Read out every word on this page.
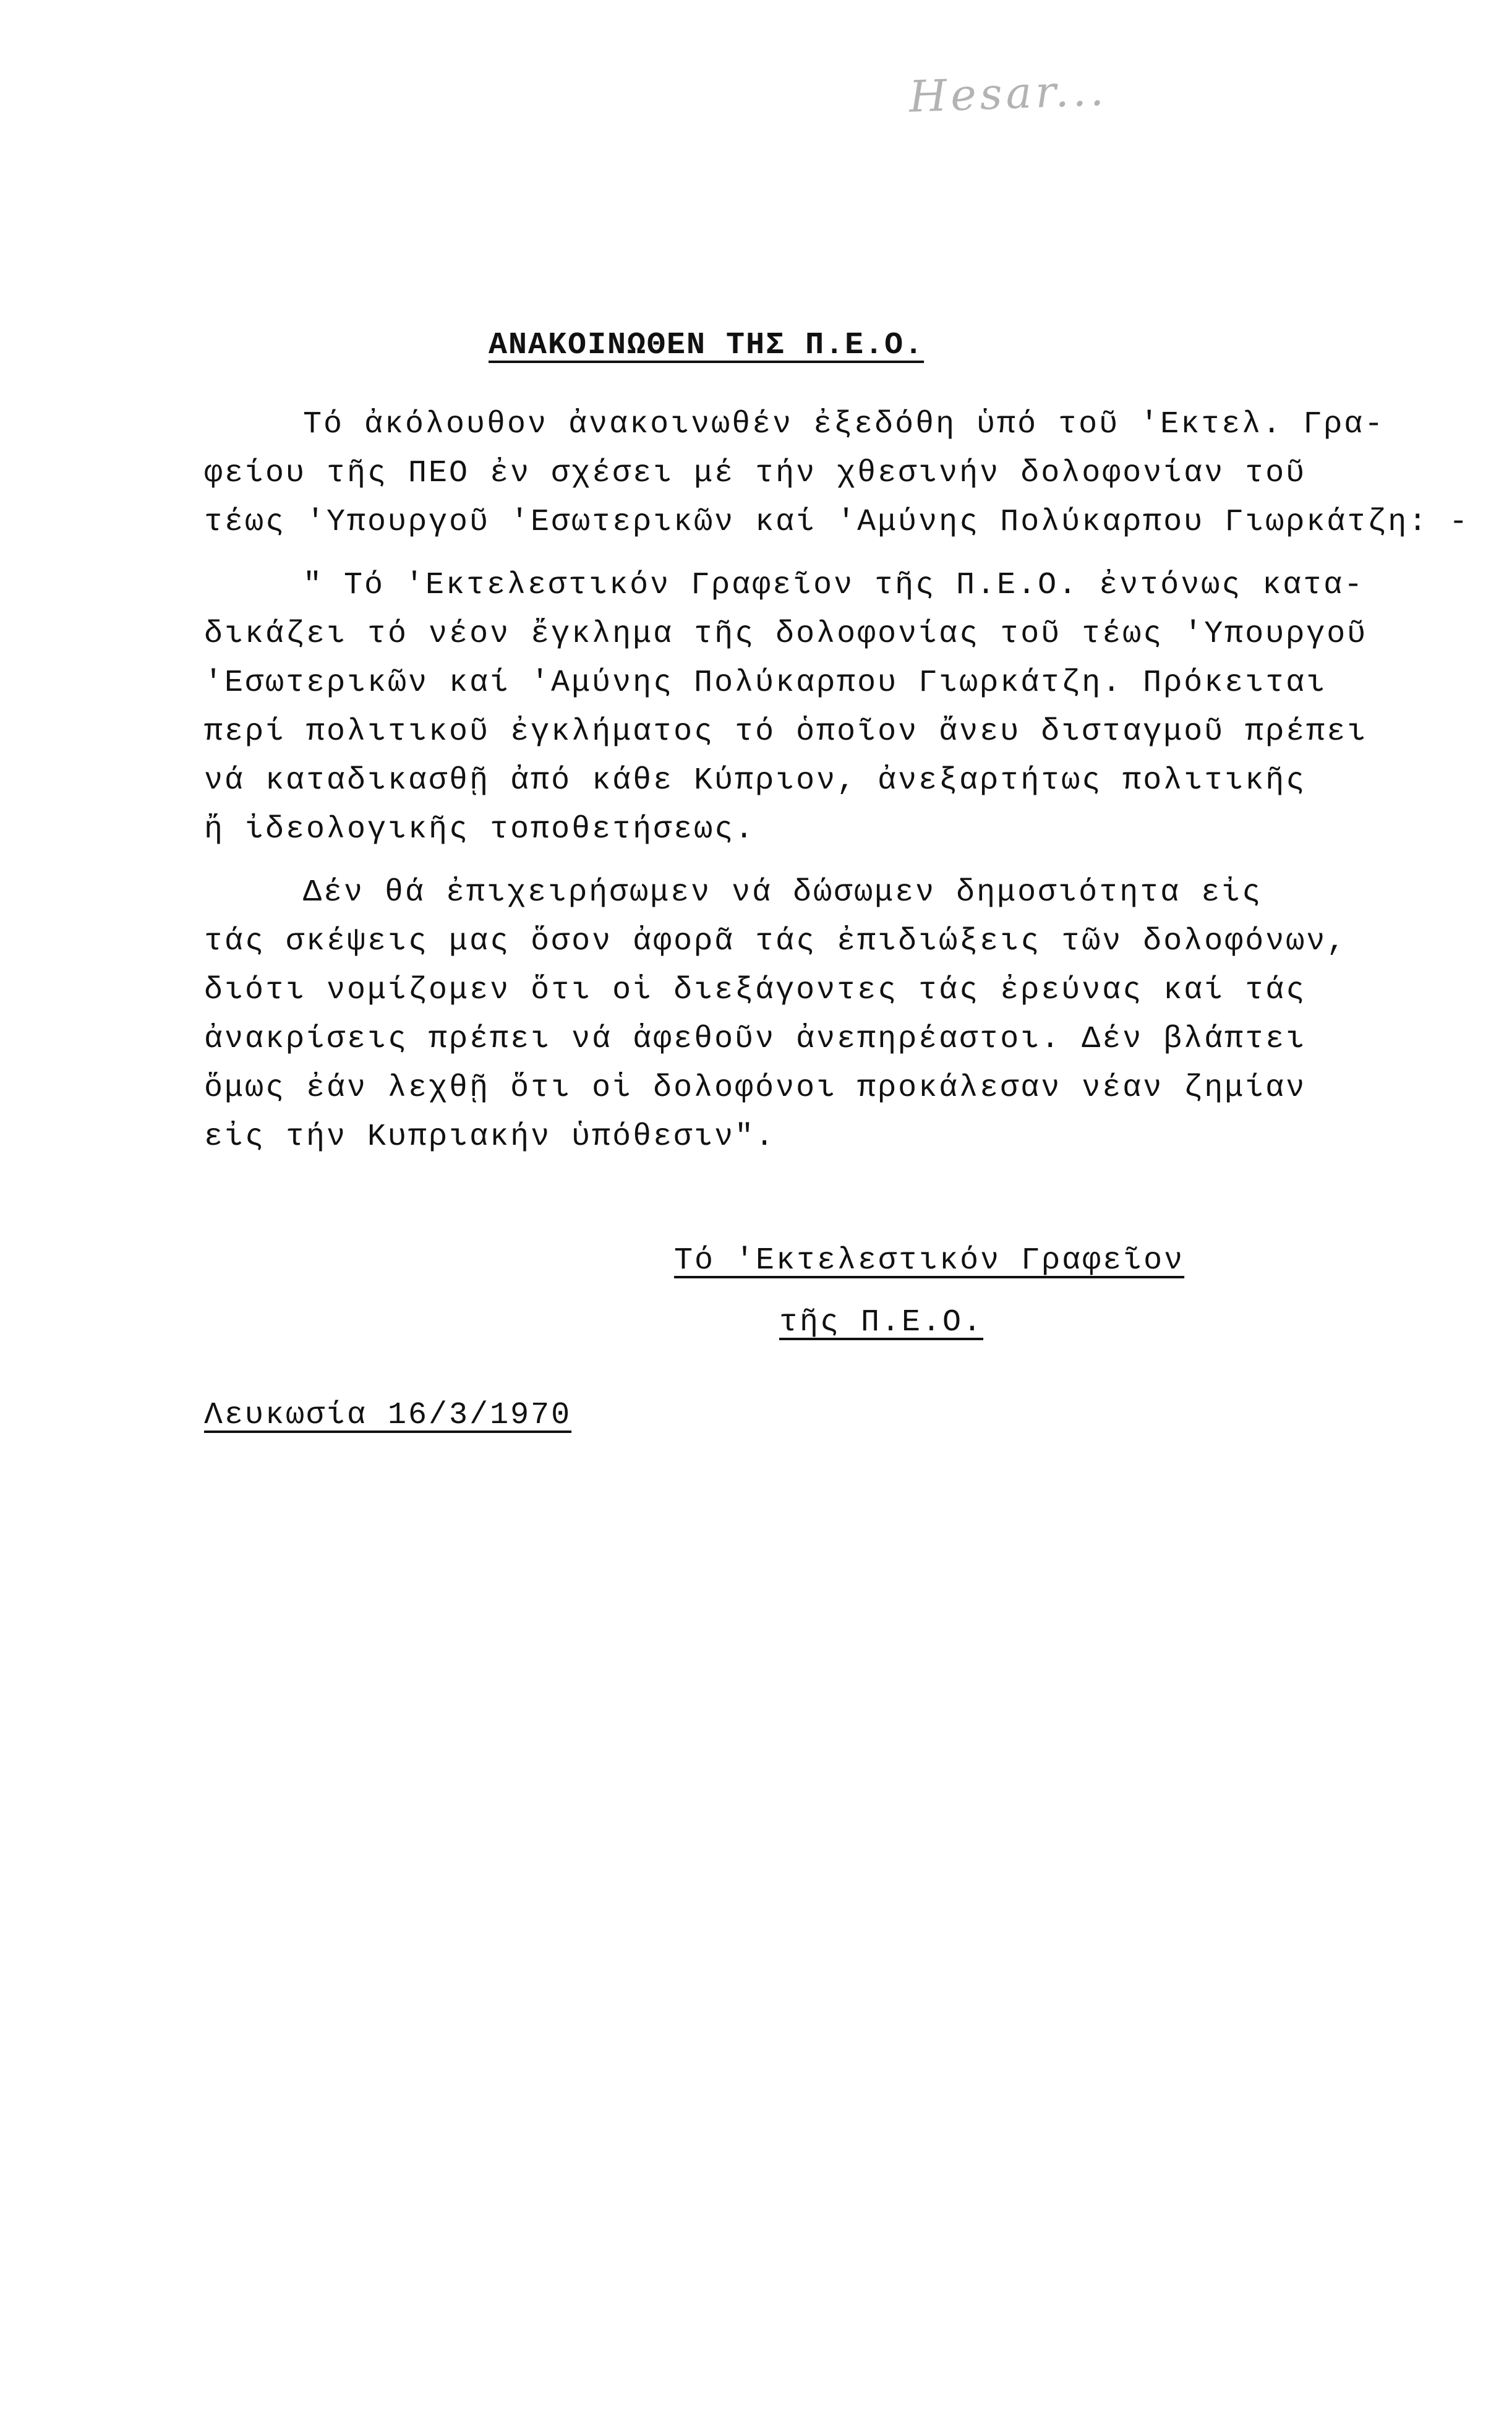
Hesar...
ΑΝΑΚΟΙΝΩΘΕΝ ΤΗΣ Π.Ε.Ο.
Τό ἀκόλουθον ἀνακοινωθέν ἐξεδόθη ὑπό τοῦ 'Εκτελ. Γρα-
φείου τῆς ΠΕΟ ἐν σχέσει μέ τήν χθεσινήν δολοφονίαν τοῦ
τέως 'Υπουργοῦ 'Εσωτερικῶν καί 'Αμύνης Πολύκαρπου Γιωρκάτζη: -
" Τό 'Εκτελεστικόν Γραφεῖον τῆς Π.Ε.Ο. ἐντόνως κατα-
δικάζει τό νέον ἔγκλημα τῆς δολοφονίας τοῦ τέως 'Υπουργοῦ
'Εσωτερικῶν καί 'Αμύνης Πολύκαρπου Γιωρκάτζη. Πρόκειται
περί πολιτικοῦ ἐγκλήματος τό ὁποῖον ἄνευ δισταγμοῦ πρέπει
νά καταδικασθῇ ἀπό κάθε Κύπριον, ἀνεξαρτήτως πολιτικῆς
ἤ ἰδεολογικῆς τοποθετήσεως.
Δέν θά ἐπιχειρήσωμεν νά δώσωμεν δημοσιότητα εἰς
τάς σκέψεις μας ὅσον ἀφορᾶ τάς ἐπιδιώξεις τῶν δολοφόνων,
διότι νομίζομεν ὅτι οἱ διεξάγοντες τάς ἐρεύνας καί τάς
ἀνακρίσεις πρέπει νά ἀφεθοῦν ἀνεπηρέαστοι. Δέν βλάπτει
ὅμως ἐάν λεχθῇ ὅτι οἱ δολοφόνοι προκάλεσαν νέαν ζημίαν
εἰς τήν Κυπριακήν ὑπόθεσιν".
Τό 'Εκτελεστικόν Γραφεῖον
τῆς Π.Ε.Ο.
Λευκωσία 16/3/1970
